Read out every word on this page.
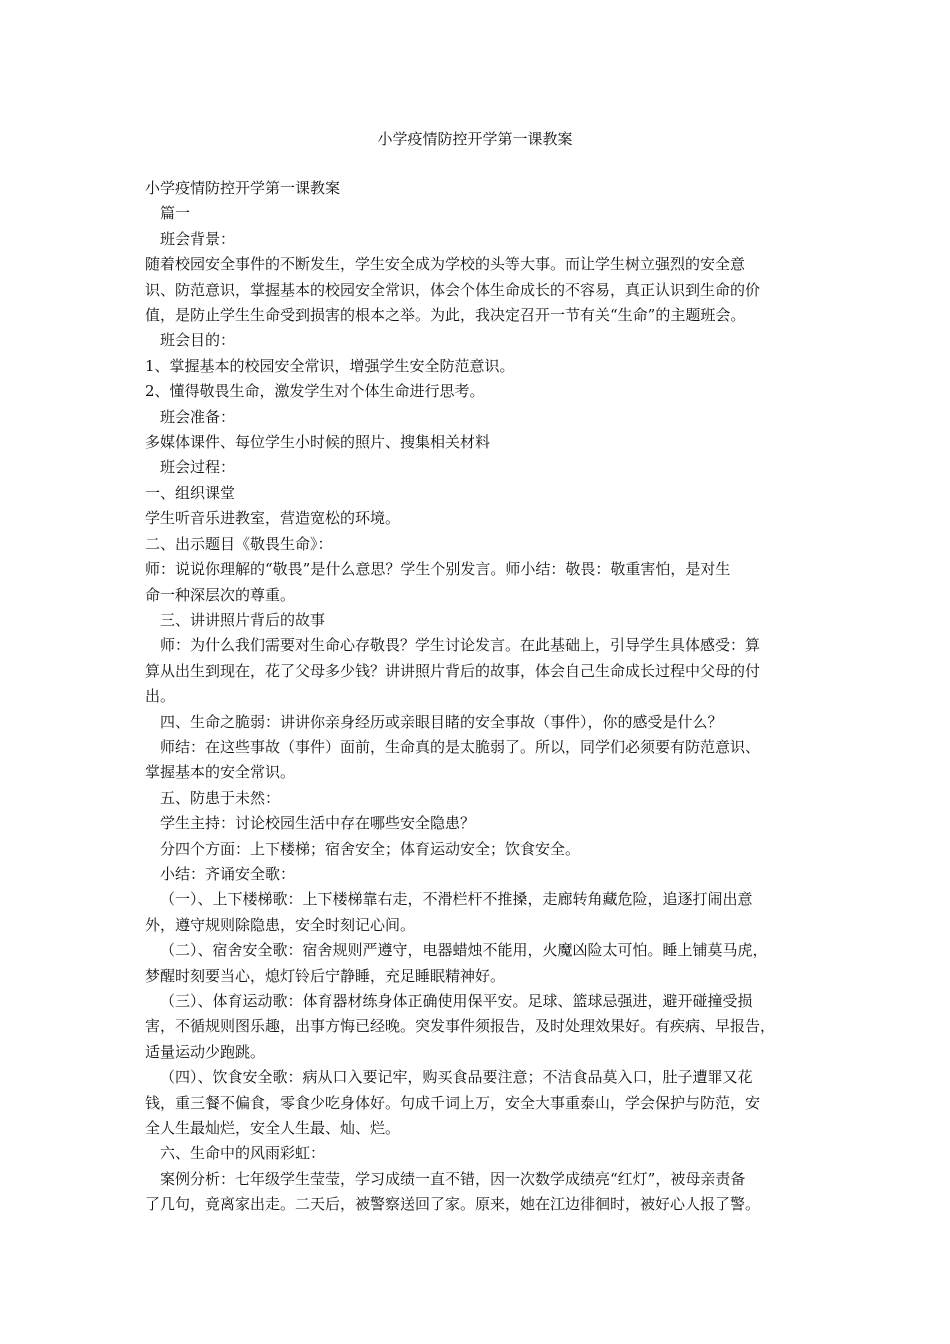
小学疫情防控开学第一课教案

小学疫情防控开学第一课教案

篇一

班会背景：

随着校园安全事件的不断发生，学生安全成为学校的头等大事。而让学生树立强烈的安全意

识、防范意识，掌握基本的校园安全常识，体会个体生命成长的不容易，真正认识到生命的价

值，是防止学生生命受到损害的根本之举。为此，我决定召开一节有关“生命”的主题班会。

班会目的：

1、掌握基本的校园安全常识，增强学生安全防范意识。

2、懂得敬畏生命，激发学生对个体生命进行思考。

班会准备：

多媒体课件、每位学生小时候的照片、搜集相关材料

班会过程：

一、组织课堂

学生听音乐进教室，营造宽松的环境。

二、出示题目《敬畏生命》：

师：说说你理解的“敬畏”是什么意思？学生个别发言。师小结：敬畏：敬重害怕，是对生

命一种深层次的尊重。

三、讲讲照片背后的故事

师：为什么我们需要对生命心存敬畏？学生讨论发言。在此基础上，引导学生具体感受：算

算从出生到现在，花了父母多少钱？讲讲照片背后的故事，体会自己生命成长过程中父母的付

出。

四、生命之脆弱：讲讲你亲身经历或亲眼目睹的安全事故（事件），你的感受是什么？

师结：在这些事故（事件）面前，生命真的是太脆弱了。所以，同学们必须要有防范意识、

掌握基本的安全常识。

五、防患于未然：

学生主持：讨论校园生活中存在哪些安全隐患？

分四个方面：上下楼梯；宿舍安全；体育运动安全；饮食安全。

小结：齐诵安全歌：

（一）、上下楼梯歌：上下楼梯靠右走，不滑栏杆不推搡，走廊转角藏危险，追逐打闹出意

外，遵守规则除隐患，安全时刻记心间。

（二）、宿舍安全歌：宿舍规则严遵守，电器蜡烛不能用，火魔凶险太可怕。睡上铺莫马虎，

梦醒时刻要当心，熄灯铃后宁静睡，充足睡眠精神好。

（三）、体育运动歌：体育器材练身体正确使用保平安。足球、篮球忌强进，避开碰撞受损

害，不循规则图乐趣，出事方悔已经晚。突发事件须报告，及时处理效果好。有疾病、早报告，

适量运动少跑跳。

（四）、饮食安全歌：病从口入要记牢，购买食品要注意；不洁食品莫入口，肚子遭罪又花

钱，重三餐不偏食，零食少吃身体好。句成千词上万，安全大事重泰山，学会保护与防范，安

全人生最灿烂，安全人生最、灿、烂。

六、生命中的风雨彩虹：

案例分析：七年级学生莹莹，学习成绩一直不错，因一次数学成绩亮“红灯”，被母亲责备

了几句，竟离家出走。二天后，被警察送回了家。原来，她在江边徘徊时，被好心人报了警。
